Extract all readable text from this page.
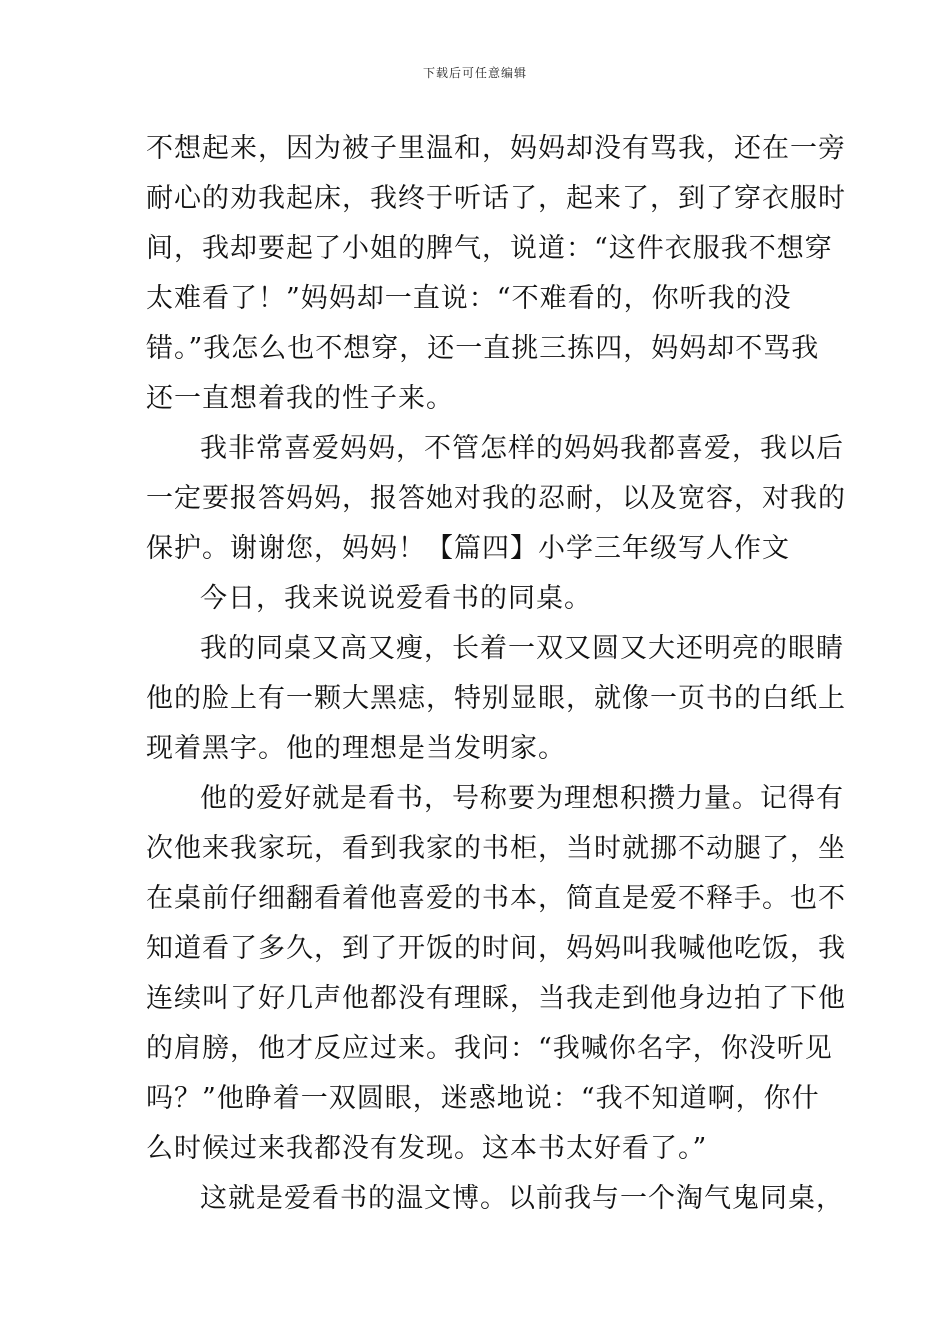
下载后可任意编辑
不想起来，因为被子里温和，妈妈却没有骂我，还在一旁
耐心的劝我起床，我终于听话了，起来了，到了穿衣服时
间，我却要起了小姐的脾气，说道：“这件衣服我不想穿
太难看了！”妈妈却一直说：“不难看的，你听我的没
错。”我怎么也不想穿，还一直挑三拣四，妈妈却不骂我
还一直想着我的性子来。
我非常喜爱妈妈，不管怎样的妈妈我都喜爱，我以后
一定要报答妈妈，报答她对我的忍耐，以及宽容，对我的
保护。谢谢您，妈妈！【篇四】小学三年级写人作文
今日，我来说说爱看书的同桌。
我的同桌又高又瘦，长着一双又圆又大还明亮的眼睛
他的脸上有一颗大黑痣，特别显眼，就像一页书的白纸上
现着黑字。他的理想是当发明家。
他的爱好就是看书，号称要为理想积攒力量。记得有
次他来我家玩，看到我家的书柜，当时就挪不动腿了，坐
在桌前仔细翻看着他喜爱的书本，简直是爱不释手。也不
知道看了多久，到了开饭的时间，妈妈叫我喊他吃饭，我
连续叫了好几声他都没有理睬，当我走到他身边拍了下他
的肩膀，他才反应过来。我问：“我喊你名字，你没听见
吗？”他睁着一双圆眼，迷惑地说：“我不知道啊，你什
么时候过来我都没有发现。这本书太好看了。”
这就是爱看书的温文博。以前我与一个淘气鬼同桌，
